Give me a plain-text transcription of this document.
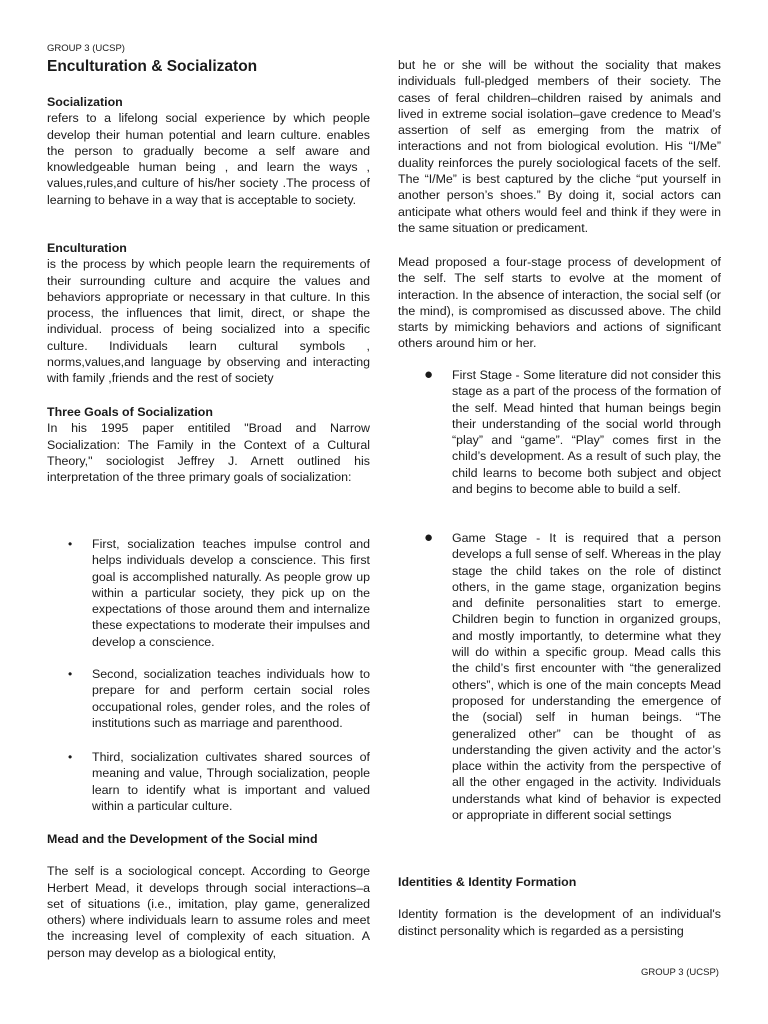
GROUP 3 (UCSP)
Enculturation & Socializaton
Socialization

refers to a lifelong social experience by which people develop their human potential and learn culture. enables the person to gradually become a self aware and knowledgeable human being , and learn the ways , values,rules,and culture of his/her society .The process of learning to behave in a way that is acceptable to society.

Enculturation

is the process by which people learn the requirements of their surrounding culture and acquire the values and behaviors appropriate or necessary in that culture. In this process, the influences that limit, direct, or shape the individual. process of being socialized into a specific culture. Individuals learn cultural symbols , norms,values,and language by observing and interacting with family ,friends and the rest of society

Three Goals of Socialization

In his 1995 paper entitiled "Broad and Narrow Socialization: The Family in the Context of a Cultural Theory," sociologist Jeffrey J. Arnett outlined his interpretation of the three primary goals of socialization:

• First, socialization teaches impulse control and helps individuals develop a conscience. This first goal is accomplished naturally. As people grow up within a particular society, they pick up on the expectations of those around them and internalize these expectations to moderate their impulses and develop a conscience.
• Second, socialization teaches individuals how to prepare for and perform certain social roles occupational roles, gender roles, and the roles of institutions such as marriage and parenthood.
• Third, socialization cultivates shared sources of meaning and value, Through socialization, people learn to identify what is important and valued within a particular culture.
Mead and the Development of the Social mind

The self is a sociological concept. According to George Herbert Mead, it develops through social interactions–a set of situations (i.e., imitation, play game, generalized others) where individuals learn to assume roles and meet the increasing level of complexity of each situation. A person may develop as a biological entity,

but he or she will be without the sociality that makes individuals full-pledged members of their society. The cases of feral children–children raised by animals and lived in extreme social isolation–gave credence to Mead’s assertion of self as emerging from the matrix of interactions and not from biological evolution. His “I/Me” duality reinforces the purely sociological facets of the self. The “I/Me” is best captured by the cliche “put yourself in another person’s shoes.” By doing it, social actors can anticipate what others would feel and think if they were in the same situation or predicament.
Mead proposed a four-stage process of development of the self. The self starts to evolve at the moment of interaction. In the absence of interaction, the social self (or the mind), is compromised as discussed above. The child starts by mimicking behaviors and actions of significant others around him or her.
● First Stage - Some literature did not consider this stage as a part of the process of the formation of the self. Mead hinted that human beings begin their understanding of the social world through “play” and “game”. “Play” comes first in the child’s development. As a result of such play, the child learns to become both subject and object and begins to become able to build a self.
● Game Stage - It is required that a person develops a full sense of self. Whereas in the play stage the child takes on the role of distinct others, in the game stage, organization begins and definite personalities start to emerge. Children begin to function in organized groups, and mostly importantly, to determine what they will do within a specific group. Mead calls this the child’s first encounter with “the generalized others”, which is one of the main concepts Mead proposed for understanding the emergence of the (social) self in human beings. “The generalized other” can be thought of as understanding the given activity and the actor’s place within the activity from the perspective of all the other engaged in the activity. Individuals understands what kind of behavior is expected or appropriate in different social settings
Identities & Identity Formation

Identity formation is the development of an individual's distinct personality which is regarded as a persisting

GROUP 3 (UCSP)
